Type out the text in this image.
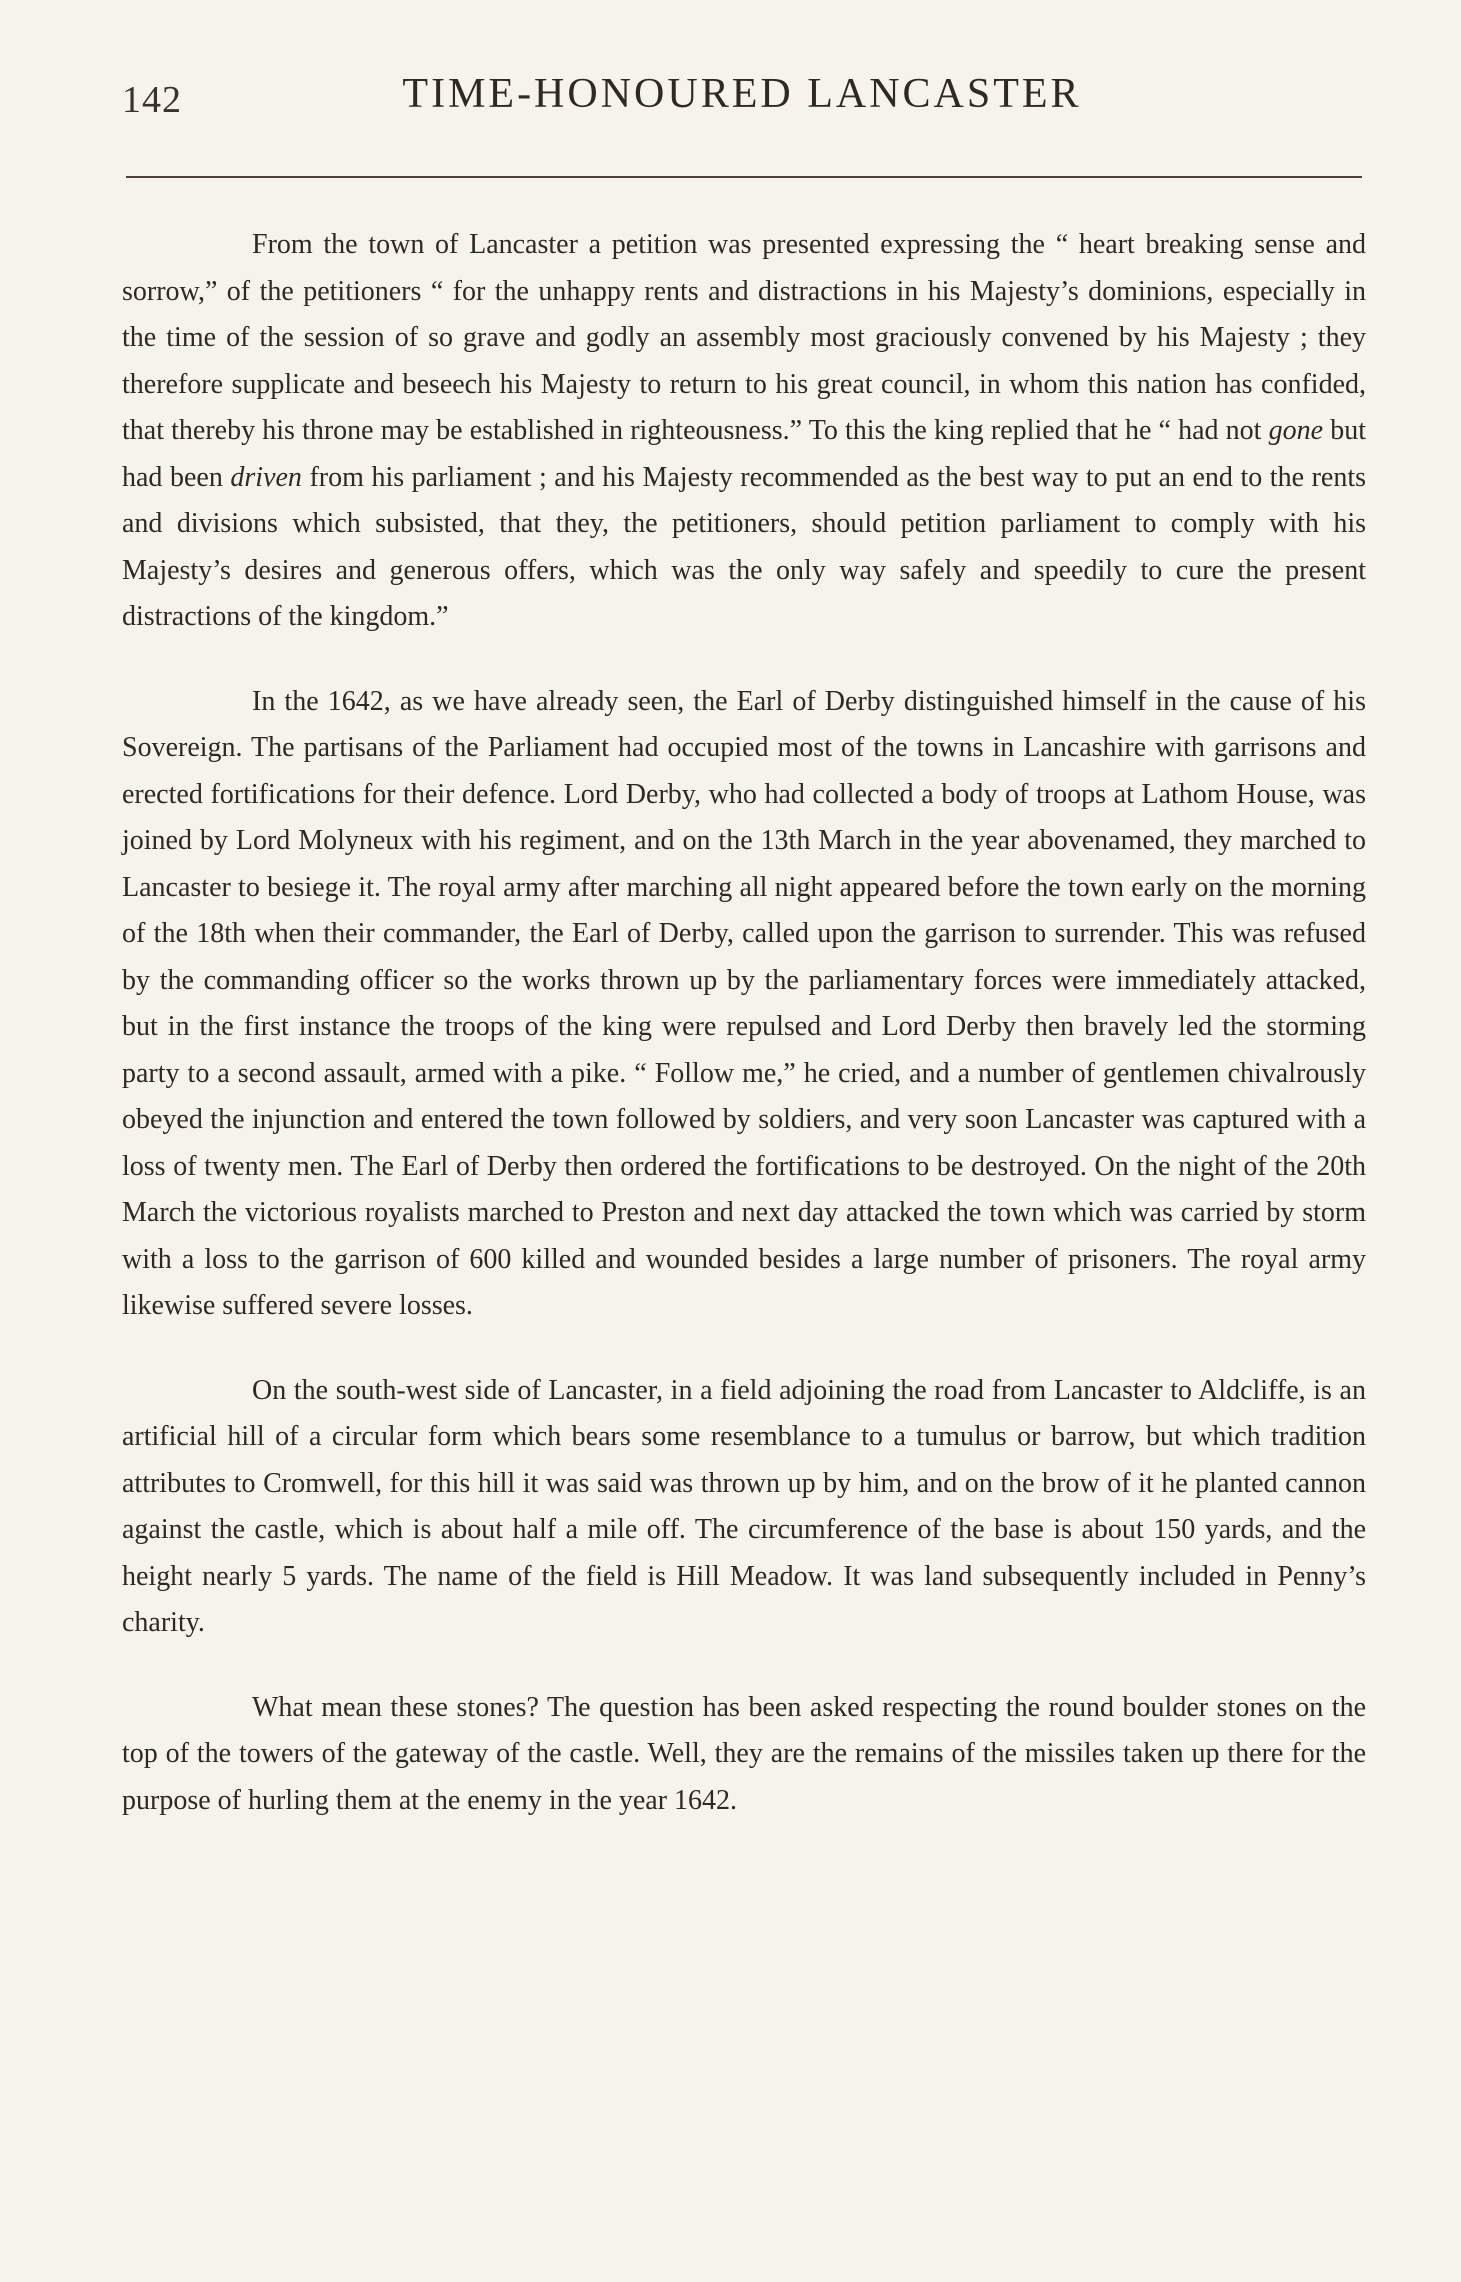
142	TIME-HONOURED LANCASTER

From the town of Lancaster a petition was presented expressing the “ heart breaking sense and sorrow,” of the petitioners “ for the unhappy rents and distractions in his Majesty’s dominions, especially in the time of the session of so grave and godly an assembly most graciously convened by his Majesty ; they therefore supplicate and beseech his Majesty to return to his great council, in whom this nation has confided, that thereby his throne may be established in righteousness.” To this the king replied that he “ had not gone but had been driven from his parliament ; and his Majesty recommended as the best way to put an end to the rents and divisions which subsisted, that they, the petitioners, should petition parliament to comply with his Majesty’s desires and generous offers, which was the only way safely and speedily to cure the present distractions of the kingdom.”

In the 1642, as we have already seen, the Earl of Derby distinguished himself in the cause of his Sovereign. The partisans of the Parliament had occupied most of the towns in Lancashire with garrisons and erected fortifications for their defence. Lord Derby, who had collected a body of troops at Lathom House, was joined by Lord Molyneux with his regiment, and on the 13th March in the year abovenamed, they marched to Lancaster to besiege it. The royal army after marching all night appeared before the town early on the morning of the 18th when their commander, the Earl of Derby, called upon the garrison to surrender. This was refused by the commanding officer so the works thrown up by the parliamentary forces were immediately attacked, but in the first instance the troops of the king were repulsed and Lord Derby then bravely led the storming party to a second assault, armed with a pike. “ Follow me,” he cried, and a number of gentlemen chivalrously obeyed the injunction and entered the town followed by soldiers, and very soon Lancaster was captured with a loss of twenty men. The Earl of Derby then ordered the fortifications to be destroyed. On the night of the 20th March the victorious royalists marched to Preston and next day attacked the town which was carried by storm with a loss to the garrison of 600 killed and wounded besides a large number of prisoners. The royal army likewise suffered severe losses.

On the south-west side of Lancaster, in a field adjoining the road from Lancaster to Aldcliffe, is an artificial hill of a circular form which bears some resemblance to a tumulus or barrow, but which tradition attributes to Cromwell, for this hill it was said was thrown up by him, and on the brow of it he planted cannon against the castle, which is about half a mile off. The circumference of the base is about 150 yards, and the height nearly 5 yards. The name of the field is Hill Meadow. It was land subsequently included in Penny’s charity.

What mean these stones? The question has been asked respecting the round boulder stones on the top of the towers of the gateway of the castle. Well, they are the remains of the missiles taken up there for the purpose of hurling them at the enemy in the year 1642.
